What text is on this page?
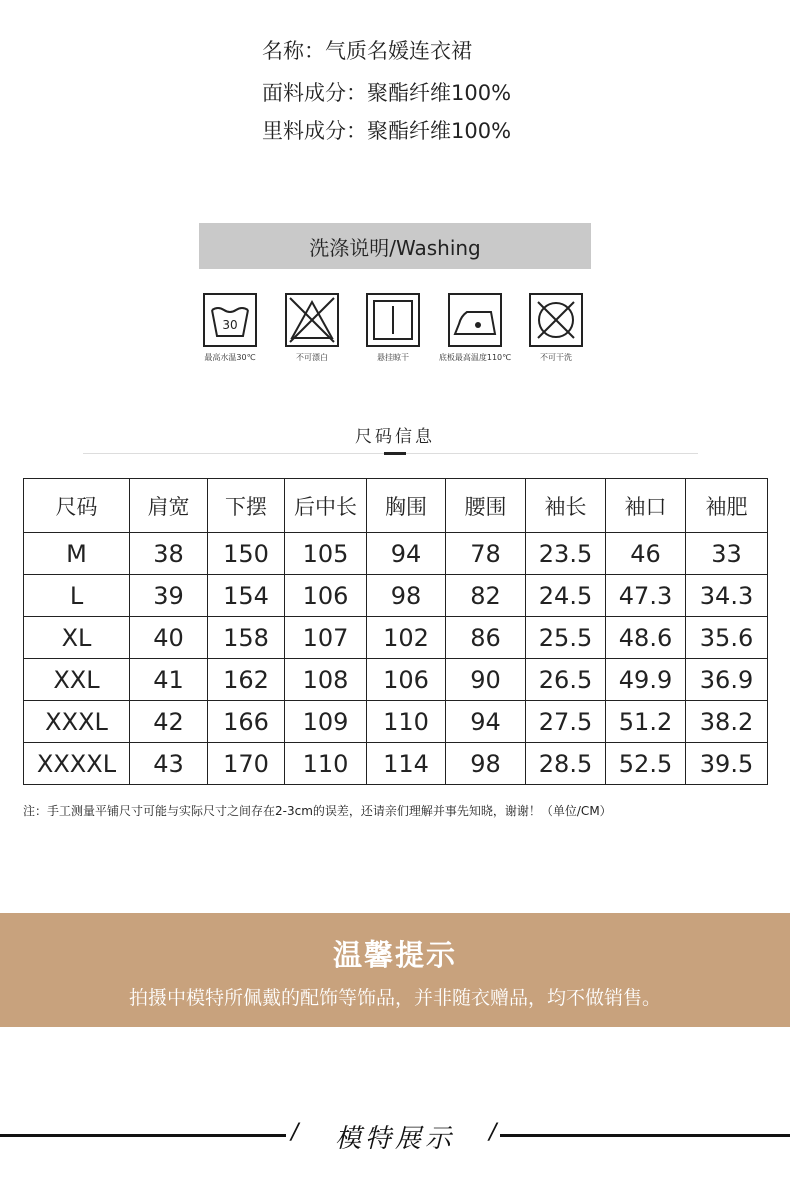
名称：气质名媛连衣裙
面料成分：聚酯纤维100%
里料成分：聚酯纤维100%
洗涤说明/Washing
30
最高水温30℃	不可漂白	悬挂晾干	底板最高温度110℃	不可干洗
尺码信息
尺码	肩宽	下摆	后中长	胸围	腰围	袖长	袖口	袖肥
M	38	150	105	94	78	23.5	46	33
L	39	154	106	98	82	24.5	47.3	34.3
XL	40	158	107	102	86	25.5	48.6	35.6
XXL	41	162	108	106	90	26.5	49.9	36.9
XXXL	42	166	109	110	94	27.5	51.2	38.2
XXXXL	43	170	110	114	98	28.5	52.5	39.5
注：手工测量平铺尺寸可能与实际尺寸之间存在2-3cm的误差，还请亲们理解并事先知晓，谢谢！（单位/CM）
温馨提示
拍摄中模特所佩戴的配饰等饰品，并非随衣赠品，均不做销售。
/	模特展示	/
